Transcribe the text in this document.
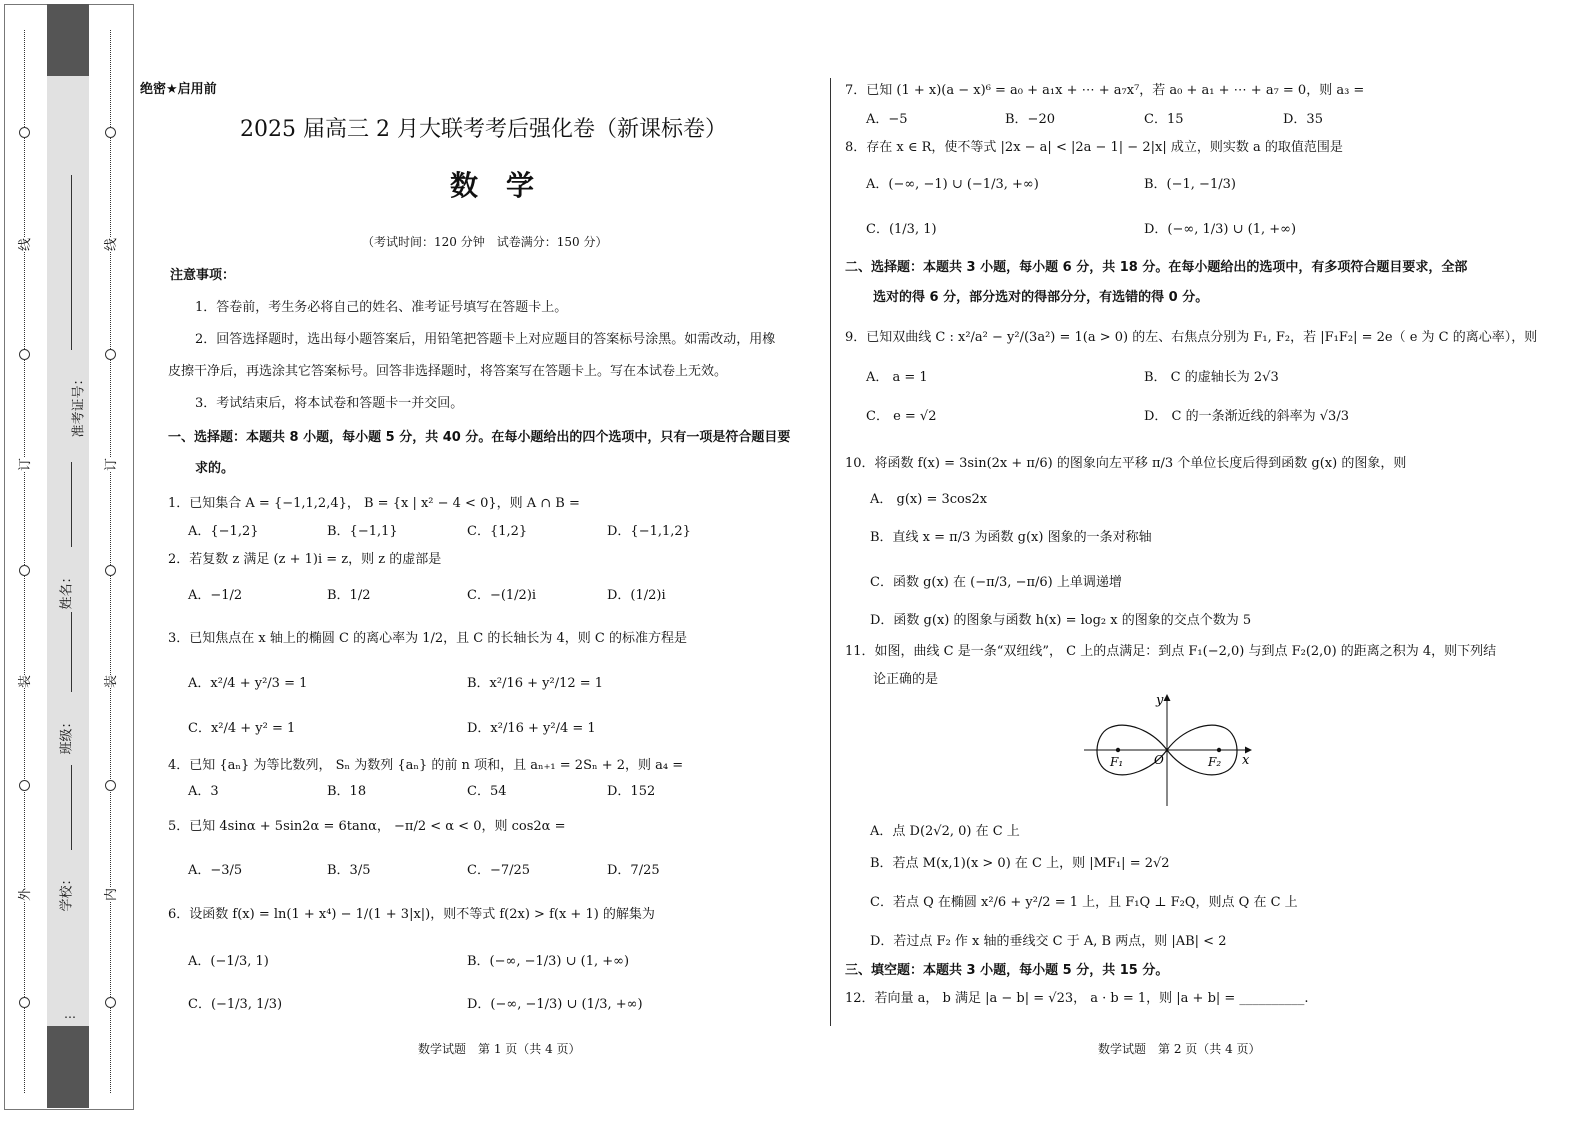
线
订
装
外
线
订
装
内
学校：
班级：
姓名：
准考证号：
…
绝密★启用前
2025 届高三 2 月大联考考后强化卷（新课标卷）
数　学
（考试时间：120 分钟　试卷满分：150 分）
注意事项：
1．答卷前，考生务必将自己的姓名、准考证号填写在答题卡上。
2．回答选择题时，选出每小题答案后，用铅笔把答题卡上对应题目的答案标号涂黑。如需改动，用橡
皮擦干净后，再选涂其它答案标号。回答非选择题时，将答案写在答题卡上。写在本试卷上无效。
3．考试结束后，将本试卷和答题卡一并交回。
一、选择题：本题共 8 小题，每小题 5 分，共 40 分。在每小题给出的四个选项中，只有一项是符合题目要
求的。
1．已知集合 A = {−1,1,2,4}， B = {x | x² − 4 < 0}，则 A ∩ B =
A．{−1,2}	B．{−1,1}	C．{1,2}	D．{−1,1,2}
2．若复数 z 满足 (z + 1)i = z，则 z 的虚部是
A．−1/2	B．1/2	C．−(1/2)i	D．(1/2)i
3．已知焦点在 x 轴上的椭圆 C 的离心率为 1/2，且 C 的长轴长为 4，则 C 的标准方程是
A．x²/4 + y²/3 = 1	B．x²/16 + y²/12 = 1
C．x²/4 + y² = 1	D．x²/16 + y²/4 = 1
4．已知 {aₙ} 为等比数列， Sₙ 为数列 {aₙ} 的前 n 项和，且 aₙ₊₁ = 2Sₙ + 2，则 a₄ =
A．3	B．18	C．54	D．152
5．已知 4sinα + 5sin2α = 6tanα， −π/2 < α < 0，则 cos2α =
A．−3/5	B．3/5	C．−7/25	D．7/25
6．设函数 f(x) = ln(1 + x⁴) − 1/(1 + 3|x|)，则不等式 f(2x) > f(x + 1) 的解集为
A．(−1/3, 1)	B．(−∞, −1/3) ∪ (1, +∞)
C．(−1/3, 1/3)	D．(−∞, −1/3) ∪ (1/3, +∞)
数学试题　第 1 页（共 4 页）
7．已知 (1 + x)(a − x)⁶ = a₀ + a₁x + ⋯ + a₇x⁷，若 a₀ + a₁ + ⋯ + a₇ = 0，则 a₃ =
A．−5	B．−20	C．15	D．35
8．存在 x ∈ R，使不等式 |2x − a| < |2a − 1| − 2|x| 成立，则实数 a 的取值范围是
A．(−∞, −1) ∪ (−1/3, +∞)	B．(−1, −1/3)
C．(1/3, 1)	D．(−∞, 1/3) ∪ (1, +∞)
二、选择题：本题共 3 小题，每小题 6 分，共 18 分。在每小题给出的选项中，有多项符合题目要求，全部
选对的得 6 分，部分选对的得部分分，有选错的得 0 分。
9．已知双曲线 C : x²/a² − y²/(3a²) = 1(a > 0) 的左、右焦点分别为 F₁, F₂，若 |F₁F₂| = 2e（ e 为 C 的离心率），则
A． a = 1	B． C 的虚轴长为 2√3
C． e = √2	D． C 的一条渐近线的斜率为 √3/3
10．将函数 f(x) = 3sin(2x + π/6) 的图象向左平移 π/3 个单位长度后得到函数 g(x) 的图象，则
A． g(x) = 3cos2x
B．直线 x = π/3 为函数 g(x) 图象的一条对称轴
C．函数 g(x) 在 (−π/3, −π/6) 上单调递增
D．函数 g(x) 的图象与函数 h(x) = log₂ x 的图象的交点个数为 5
11．如图，曲线 C 是一条“双纽线”， C 上的点满足：到点 F₁(−2,0) 与到点 F₂(2,0) 的距离之积为 4，则下列结
论正确的是
y
x
O
F₁	F₂
A．点 D(2√2, 0) 在 C 上
B．若点 M(x,1)(x > 0) 在 C 上，则 |MF₁| = 2√2
C．若点 Q 在椭圆 x²/6 + y²/2 = 1 上，且 F₁Q ⊥ F₂Q，则点 Q 在 C 上
D．若过点 F₂ 作 x 轴的垂线交 C 于 A, B 两点，则 |AB| < 2
三、填空题：本题共 3 小题，每小题 5 分，共 15 分。
12．若向量 a， b 满足 |a − b| = √23， a · b = 1，则 |a + b| = __________.
数学试题　第 2 页（共 4 页）
